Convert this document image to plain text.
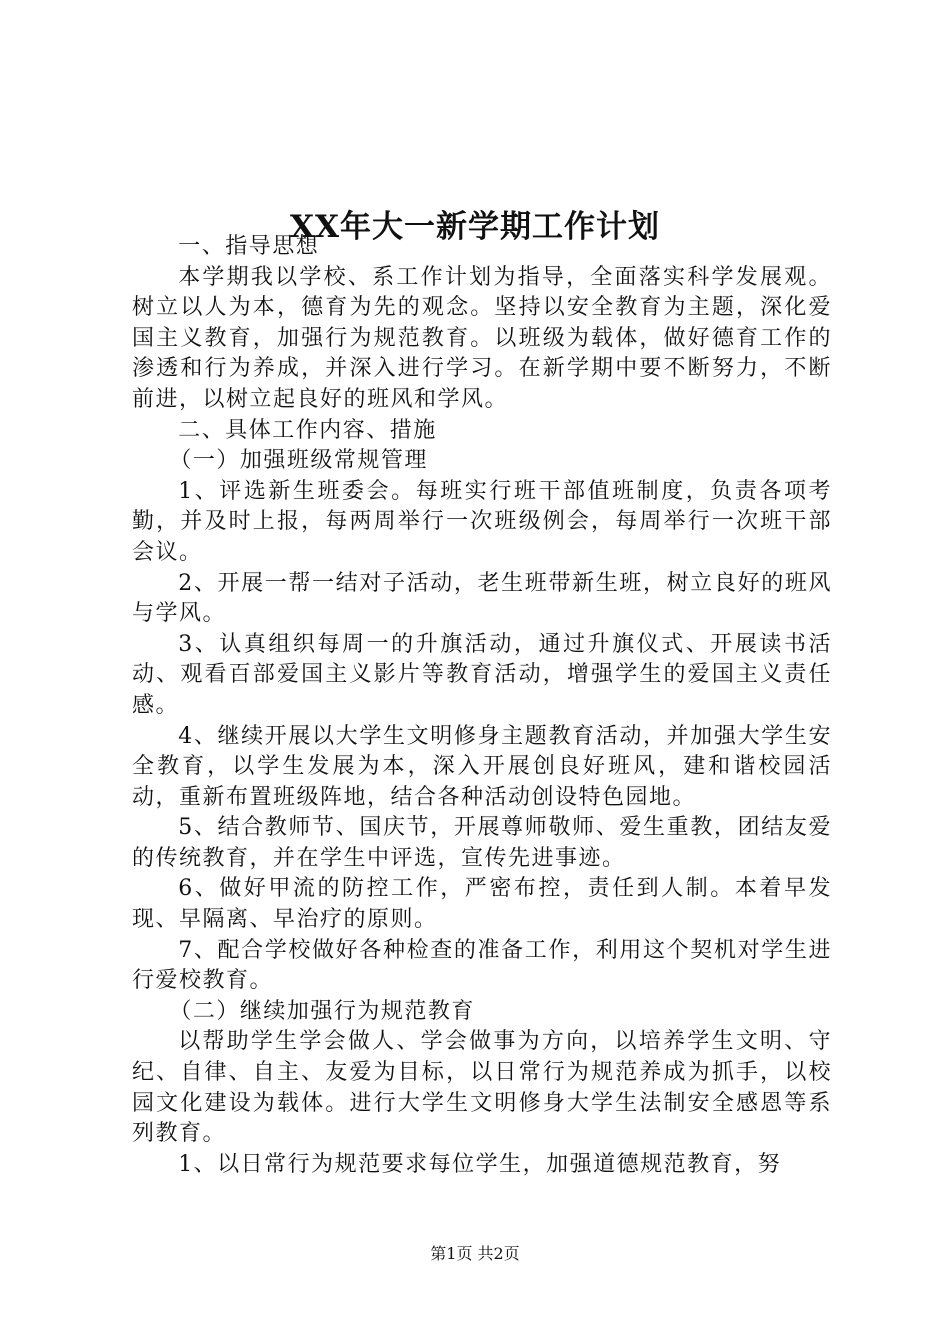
XX年大一新学期工作计划

一、指导思想

本学期我以学校、系工作计划为指导，全面落实科学发展观。树立以人为本，德育为先的观念。坚持以安全教育为主题，深化爱国主义教育，加强行为规范教育。以班级为载体，做好德育工作的渗透和行为养成，并深入进行学习。在新学期中要不断努力，不断前进，以树立起良好的班风和学风。

二、具体工作内容、措施

（一）加强班级常规管理

1、评选新生班委会。每班实行班干部值班制度，负责各项考勤，并及时上报，每两周举行一次班级例会，每周举行一次班干部会议。

2、开展一帮一结对子活动，老生班带新生班，树立良好的班风与学风。

3、认真组织每周一的升旗活动，通过升旗仪式、开展读书活动、观看百部爱国主义影片等教育活动，增强学生的爱国主义责任感。

4、继续开展以大学生文明修身主题教育活动，并加强大学生安全教育，以学生发展为本，深入开展创良好班风，建和谐校园活动，重新布置班级阵地，结合各种活动创设特色园地。

5、结合教师节、国庆节，开展尊师敬师、爱生重教，团结友爱的传统教育，并在学生中评选，宣传先进事迹。

6、做好甲流的防控工作，严密布控，责任到人制。本着早发现、早隔离、早治疗的原则。

7、配合学校做好各种检查的准备工作，利用这个契机对学生进行爱校教育。

（二）继续加强行为规范教育

以帮助学生学会做人、学会做事为方向，以培养学生文明、守纪、自律、自主、友爱为目标，以日常行为规范养成为抓手，以校园文化建设为载体。进行大学生文明修身大学生法制安全感恩等系列教育。

1、以日常行为规范要求每位学生，加强道德规范教育，努

第1页 共2页
